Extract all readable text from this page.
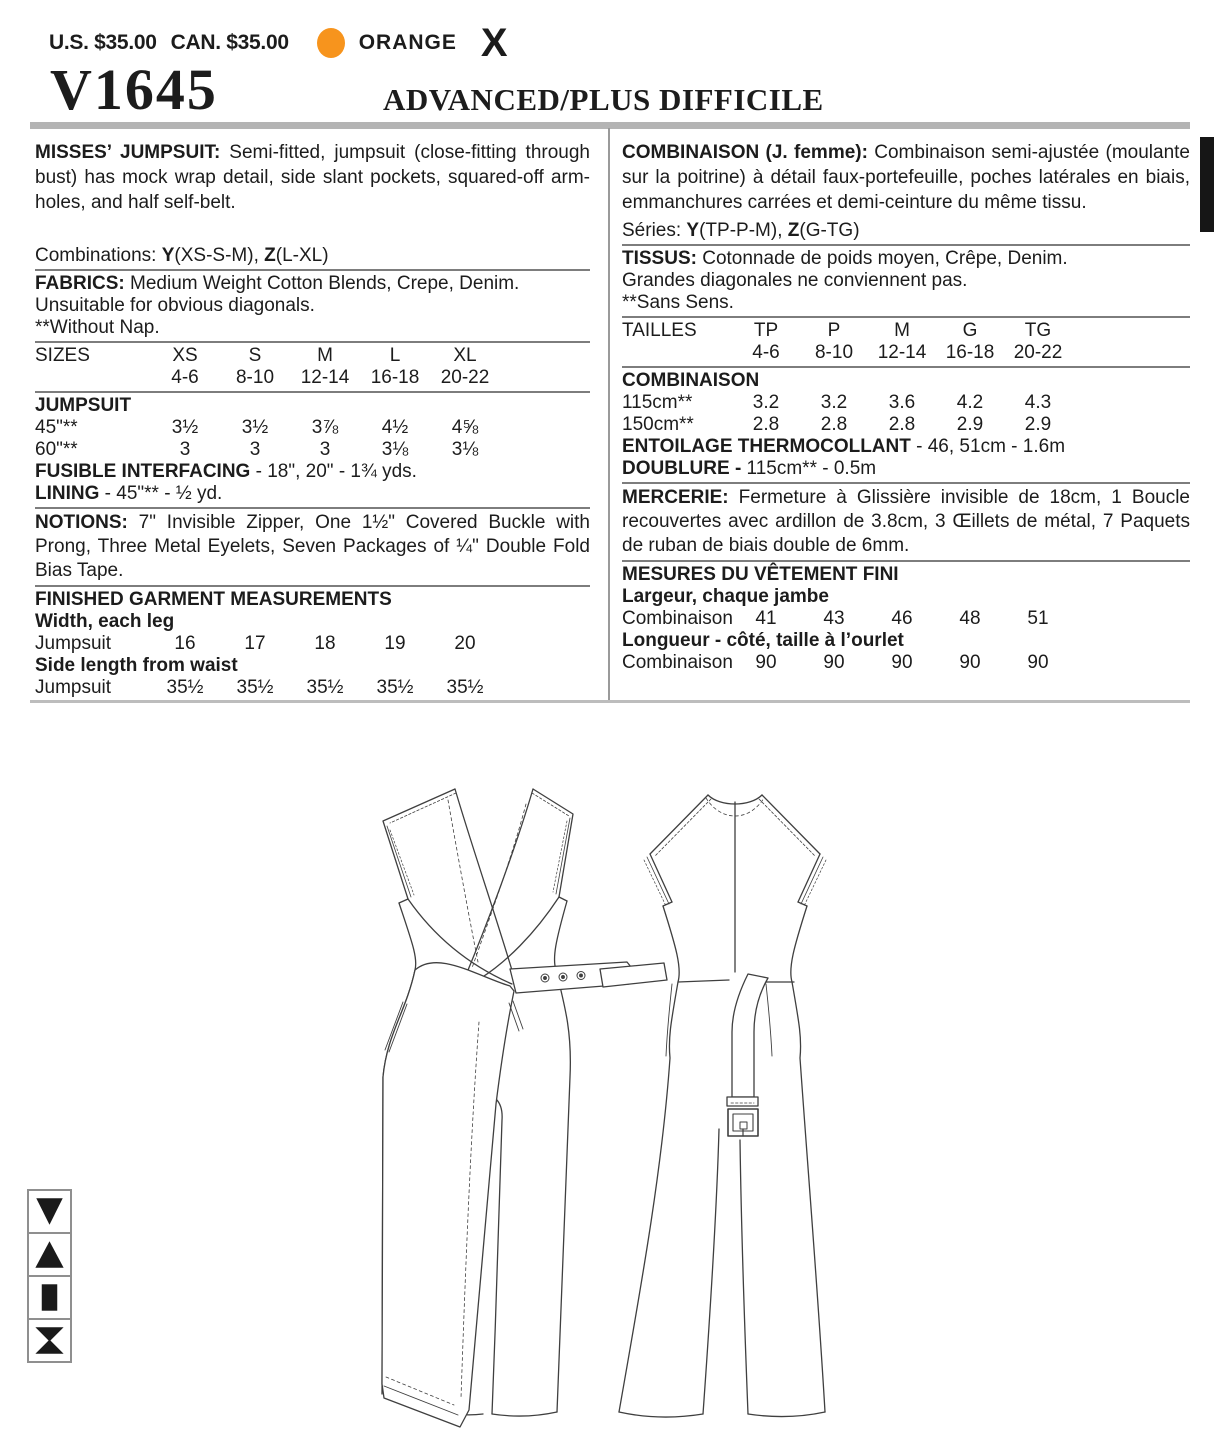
U.S. $35.00 CAN. $35.00	ORANGE X
V1645	ADVANCED/PLUS DIFFICILE

MISSES’ JUMPSUIT: Semi-fitted, jumpsuit (close-fitting through bust) has mock wrap detail, side slant pockets, squared-off arm-holes, and half self-belt.

Combinations: Y(XS-S-M), Z(L-XL)
FABRICS: Medium Weight Cotton Blends, Crepe, Denim.
Unsuitable for obvious diagonals.
**Without Nap.
SIZES	XS	S	M	L	XL
4-6	8-10	12-14	16-18	20-22
JUMPSUIT
45"**	3½	3½	3⅞	4½	4⅝
60"**	3	3	3	3⅛	3⅛
FUSIBLE INTERFACING - 18", 20" - 1¾ yds.
LINING - 45"** - ½ yd.

NOTIONS: 7" Invisible Zipper, One 1½" Covered Buckle with Prong, Three Metal Eyelets, Seven Packages of ¼" Double Fold Bias Tape.

FINISHED GARMENT MEASUREMENTS
Width, each leg
Jumpsuit	16	17	18	19	20
Side length from waist
Jumpsuit	35½	35½	35½	35½	35½

COMBINAISON (J. femme): Combinaison semi-ajustée (moulante sur la poitrine) à détail faux-portefeuille, poches latérales en biais, emmanchures carrées et demi-ceinture du même tissu.

Séries: Y(TP-P-M), Z(G-TG)
TISSUS: Cotonnade de poids moyen, Crêpe, Denim.
Grandes diagonales ne conviennent pas.
**Sans Sens.
TAILLES	TP	P	M	G	TG
4-6	8-10	12-14	16-18	20-22
COMBINAISON
115cm**	3.2	3.2	3.6	4.2	4.3
150cm**	2.8	2.8	2.8	2.9	2.9
ENTOILAGE THERMOCOLLANT - 46, 51cm - 1.6m
DOUBLURE - 115cm** - 0.5m

MERCERIE: Fermeture à Glissière invisible de 18cm, 1 Boucle recouvertes avec ardillon de 3.8cm, 3 Œillets de métal, 7 Paquets de ruban de biais double de 6mm.

MESURES DU VÊTEMENT FINI
Largeur, chaque jambe
Combinaison	41	43	46	48	51
Longueur - côté, taille à l’ourlet
Combinaison	90	90	90	90	90
